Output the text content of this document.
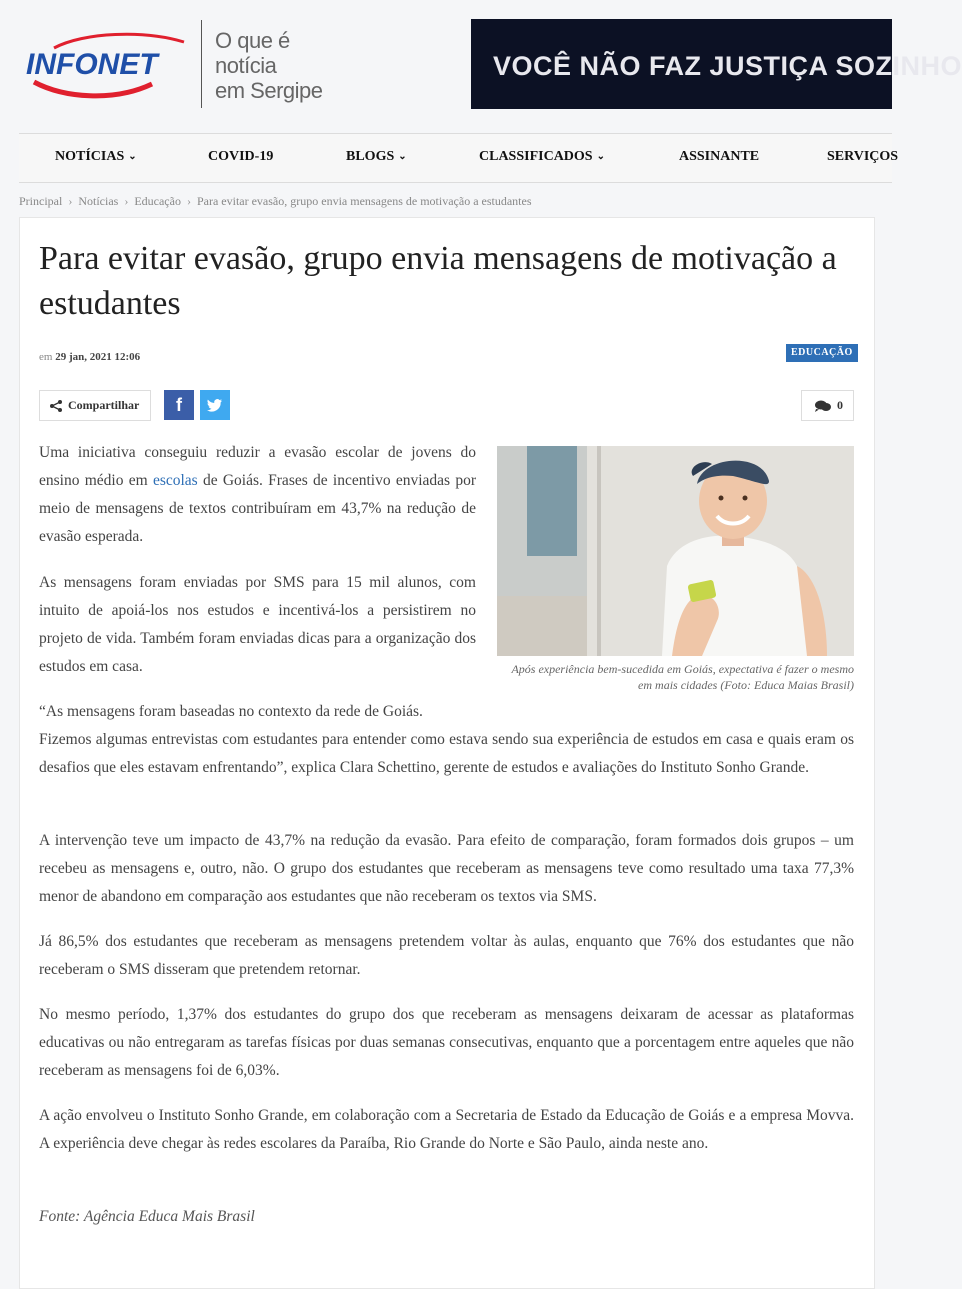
INFONET
O que é
notícia
em Sergipe
VOCÊ NÃO FAZ JUSTIÇA SOZINHO
NOTÍCIAS ⌄	COVID-19	BLOGS ⌄	CLASSIFICADOS ⌄	ASSINANTE	SERVIÇOS
Principal › Notícias › Educação › Para evitar evasão, grupo envia mensagens de motivação a estudantes
Para evitar evasão, grupo envia mensagens de motivação a estudantes
em 29 jan, 2021 12:06	EDUCAÇÃO
Compartilhar	f	0
Após experiência bem-sucedida em Goiás, expectativa é fazer o mesmo em mais cidades (Foto: Educa Maias Brasil)

Uma iniciativa conseguiu reduzir a evasão escolar de jovens do ensino médio em escolas de Goiás. Frases de incentivo enviadas por meio de mensagens de textos contribuíram em 43,7% na redução de evasão esperada.

As mensagens foram enviadas por SMS para 15 mil alunos, com intuito de apoiá-los nos estudos e incentivá-los a persistirem no projeto de vida. Também foram enviadas dicas para a organização dos estudos em casa.

“As mensagens foram baseadas no contexto da rede de Goiás.
Fizemos algumas entrevistas com estudantes para entender como estava sendo sua experiência de estudos em casa e quais eram os desafios que eles estavam enfrentando”, explica Clara Schettino, gerente de estudos e avaliações do Instituto Sonho Grande.

A intervenção teve um impacto de 43,7% na redução da evasão. Para efeito de comparação, foram formados dois grupos – um recebeu as mensagens e, outro, não. O grupo dos estudantes que receberam as mensagens teve como resultado uma taxa 77,3% menor de abandono em comparação aos estudantes que não receberam os textos via SMS.

Já 86,5% dos estudantes que receberam as mensagens pretendem voltar às aulas, enquanto que 76% dos estudantes que não receberam o SMS disseram que pretendem retornar.

No mesmo período, 1,37% dos estudantes do grupo dos que receberam as mensagens deixaram de acessar as plataformas educativas ou não entregaram as tarefas físicas por duas semanas consecutivas, enquanto que a porcentagem entre aqueles que não receberam as mensagens foi de 6,03%.

A ação envolveu o Instituto Sonho Grande, em colaboração com a Secretaria de Estado da Educação de Goiás e a empresa Movva. A experiência deve chegar às redes escolares da Paraíba, Rio Grande do Norte e São Paulo, ainda neste ano.

Fonte: Agência Educa Mais Brasil
